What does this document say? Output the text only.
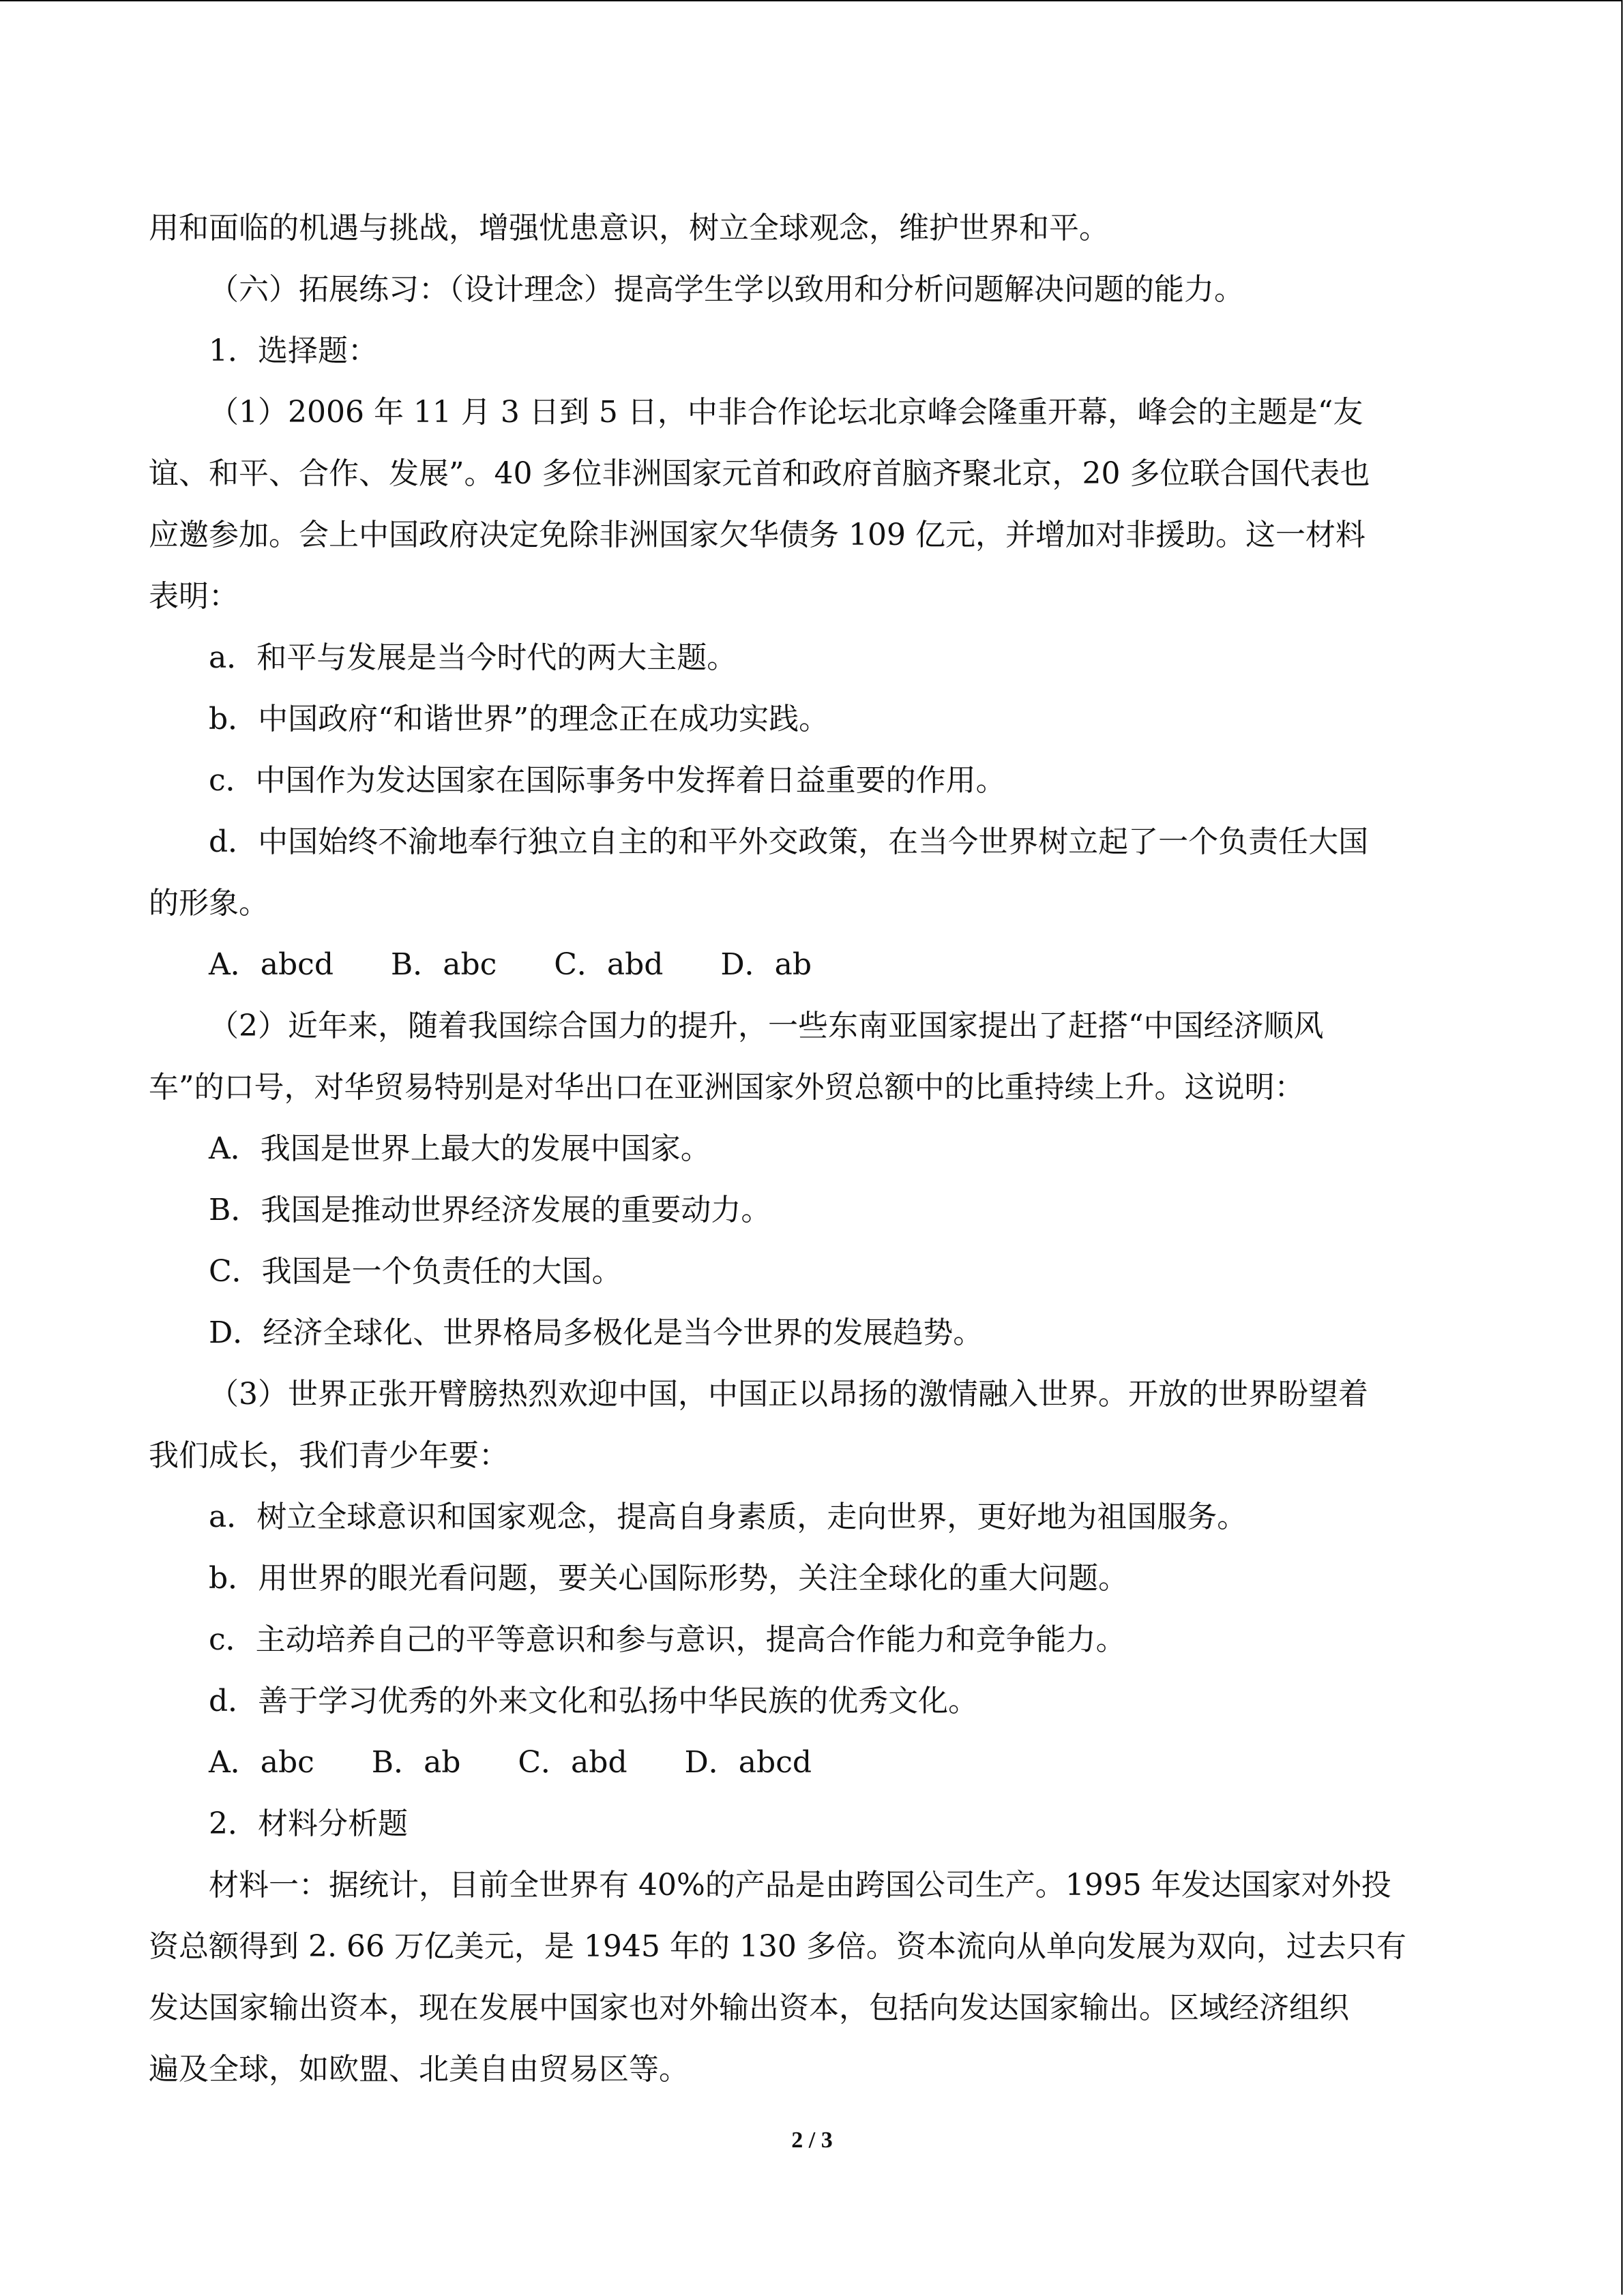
用和面临的机遇与挑战，增强忧患意识，树立全球观念，维护世界和平。
（六）拓展练习：（设计理念）提高学生学以致用和分析问题解决问题的能力。
1．选择题：
（1）2006 年 11 月 3 日到 5 日，中非合作论坛北京峰会隆重开幕，峰会的主题是“友
谊、和平、合作、发展”。40 多位非洲国家元首和政府首脑齐聚北京，20 多位联合国代表也
应邀参加。会上中国政府决定免除非洲国家欠华债务 109 亿元，并增加对非援助。这一材料
表明：
a．和平与发展是当今时代的两大主题。
b．中国政府“和谐世界”的理念正在成功实践。
c．中国作为发达国家在国际事务中发挥着日益重要的作用。
d．中国始终不渝地奉行独立自主的和平外交政策，在当今世界树立起了一个负责任大国
的形象。
A．abcd      B．abc      C．abd      D．ab
（2）近年来，随着我国综合国力的提升，一些东南亚国家提出了赶搭“中国经济顺风
车”的口号，对华贸易特别是对华出口在亚洲国家外贸总额中的比重持续上升。这说明：
A．我国是世界上最大的发展中国家。
B．我国是推动世界经济发展的重要动力。
C．我国是一个负责任的大国。
D．经济全球化、世界格局多极化是当今世界的发展趋势。
（3）世界正张开臂膀热烈欢迎中国，中国正以昂扬的激情融入世界。开放的世界盼望着
我们成长，我们青少年要：
a．树立全球意识和国家观念，提高自身素质，走向世界，更好地为祖国服务。
b．用世界的眼光看问题，要关心国际形势，关注全球化的重大问题。
c．主动培养自己的平等意识和参与意识，提高合作能力和竞争能力。
d．善于学习优秀的外来文化和弘扬中华民族的优秀文化。
A．abc      B．ab      C．abd      D．abcd
2．材料分析题
材料一：据统计，目前全世界有 40%的产品是由跨国公司生产。1995 年发达国家对外投
资总额得到 2. 66 万亿美元，是 1945 年的 130 多倍。资本流向从单向发展为双向，过去只有
发达国家输出资本，现在发展中国家也对外输出资本，包括向发达国家输出。区域经济组织
遍及全球，如欧盟、北美自由贸易区等。
2 / 3
